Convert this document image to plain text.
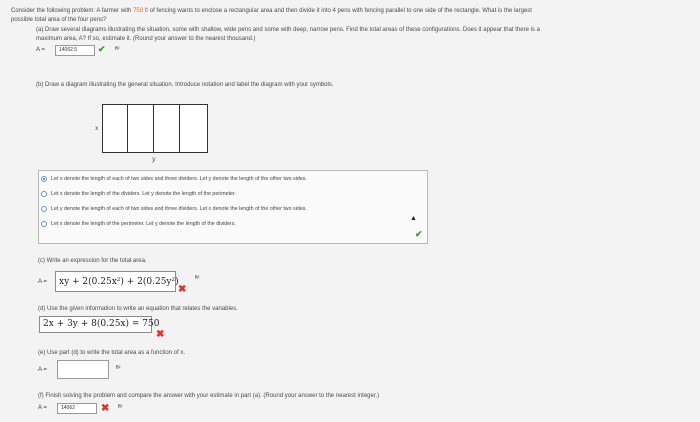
Consider the following problem: A farmer with 750 ft of fencing wants to enclose a rectangular area and then divide it into 4 pens with fencing parallel to one side of the rectangle. What is the largest
possible total area of the four pens?
(a) Draw several diagrams illustrating the situation, some with shallow, wide pens and some with deep, narrow pens. Find the total areas of these configurations. Does it appear that there is a
maximum area, A? If so, estimate it. (Round your answer to the nearest thousand.)
A =	14062.5	✔ ft²
(b) Draw a diagram illustrating the general situation. Introduce notation and label the diagram with your symbols.
x
y
Let x denote the length of each of two sides and three dividers. Let y denote the length of the other two sides.
Let x denote the length of the dividers. Let y denote the length of the perimeter.
Let y denote the length of each of two sides and three dividers. Let x denote the length of the other two sides.
Let x denote the length of the perimeter. Let y denote the length of the dividers.
▲
✔
(c) Write an expression for the total area.
A =	xy + 2(0.25x²) + 2(0.25y²)
✖
ft²
(d) Use the given information to write an equation that relates the variables.
2x + 3y + 8(0.25x) = 750
✖
(e) Use part (d) to write the total area as a function of x.
A =	ft²
(f) Finish solving the problem and compare the answer with your estimate in part (a). (Round your answer to the nearest integer.)
A =	14062	✖ ft²
